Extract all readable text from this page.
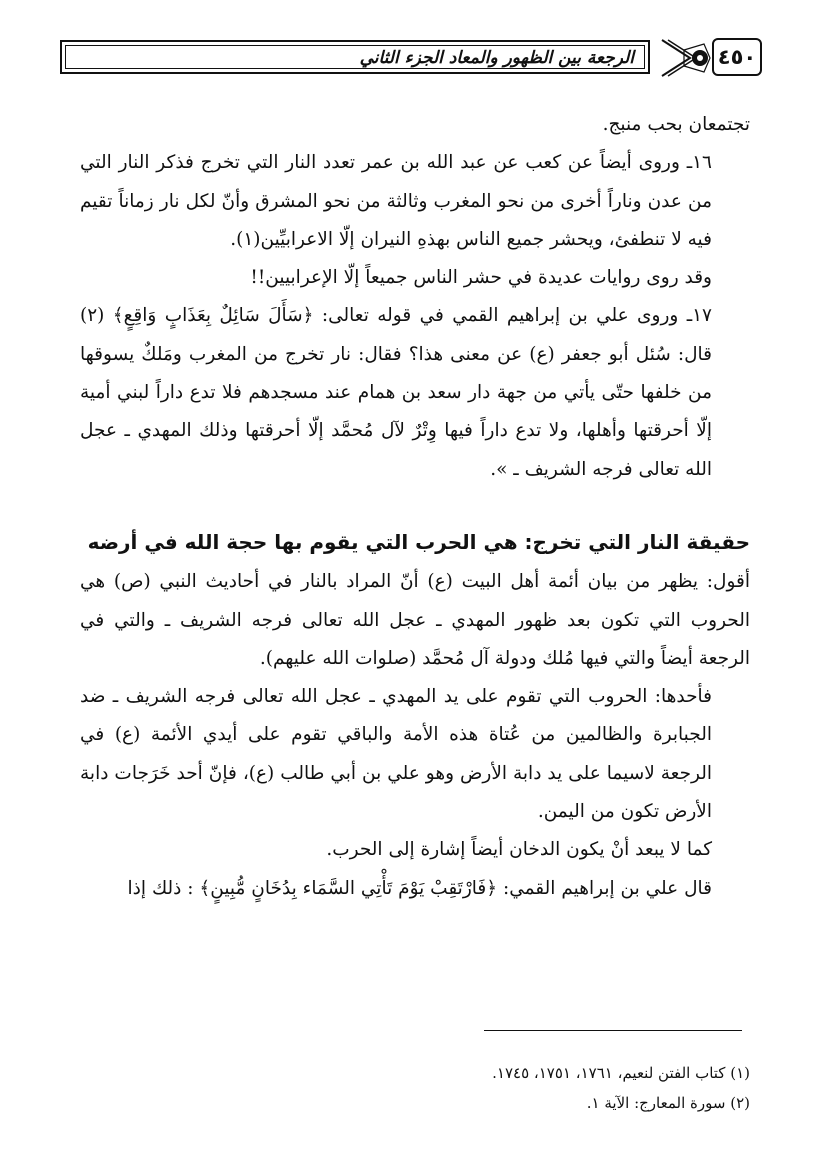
الرجعة بين الظهور والمعاد الجزء الثاني	٤٥٠

تجتمعان بحب منبج.

١٦ـ وروى أيضاً عن كعب عن عبد الله بن عمر تعدد النار التي تخرج فذكر النار التي من عدن وناراً أخرى من نحو المغرب وثالثة من نحو المشرق وأنّ لكل نار زماناً تقيم فيه لا تنطفئ، ويحشر جميع الناس بهذهِ النيران إلّا الاعرابيِّين(١).

وقد روى روايات عديدة في حشر الناس جميعاً إلّا الإعرابيين!!

١٧ـ وروى علي بن إبراهيم القمي في قوله تعالى: ﴿سَأَلَ سَائِلٌ بِعَذَابٍ وَاقِعٍ﴾ (٢) قال: سُئل أبو جعفر (ع) عن معنى هذا؟ فقال: نار تخرج من المغرب ومَلكٌ يسوقها من خلفها حتّى يأتي من جهة دار سعد بن همام عند مسجدهم فلا تدع داراً لبني أمية إلّا أحرقتها وأهلها، ولا تدع داراً فيها وِتْرٌ لآل مُحمَّد إلّا أحرقتها وذلك المهدي ـ عجل الله تعالى فرجه الشريف ـ ».

حقيقة النار التي تخرج: هي الحرب التي يقوم بها حجة الله في أرضه

أقول: يظهر من بيان أئمة أهل البيت (ع) أنّ المراد بالنار في أحاديث النبي (ص) هي الحروب التي تكون بعد ظهور المهدي ـ عجل الله تعالى فرجه الشريف ـ والتي في الرجعة أيضاً والتي فيها مُلك ودولة آل مُحمَّد (صلوات الله عليهم).

فأحدها: الحروب التي تقوم على يد المهدي ـ عجل الله تعالى فرجه الشريف ـ ضد الجبابرة والظالمين من عُتاة هذه الأمة والباقي تقوم على أيدي الأئمة (ع) في الرجعة لاسيما على يد دابة الأرض وهو علي بن أبي طالب (ع)، فإنّ أحد خَرَجات دابة الأرض تكون من اليمن.

كما لا يبعد أنْ يكون الدخان أيضاً إشارة إلى الحرب.

قال علي بن إبراهيم القمي: ﴿فَارْتَقِبْ يَوْمَ تَأْتِي السَّمَاء بِدُخَانٍ مُّبِينٍ﴾ : ذلك إذا

(١) كتاب الفتن لنعيم، ١٧٦١، ١٧٥١، ١٧٤٥.

(٢) سورة المعارج: الآية ١.
